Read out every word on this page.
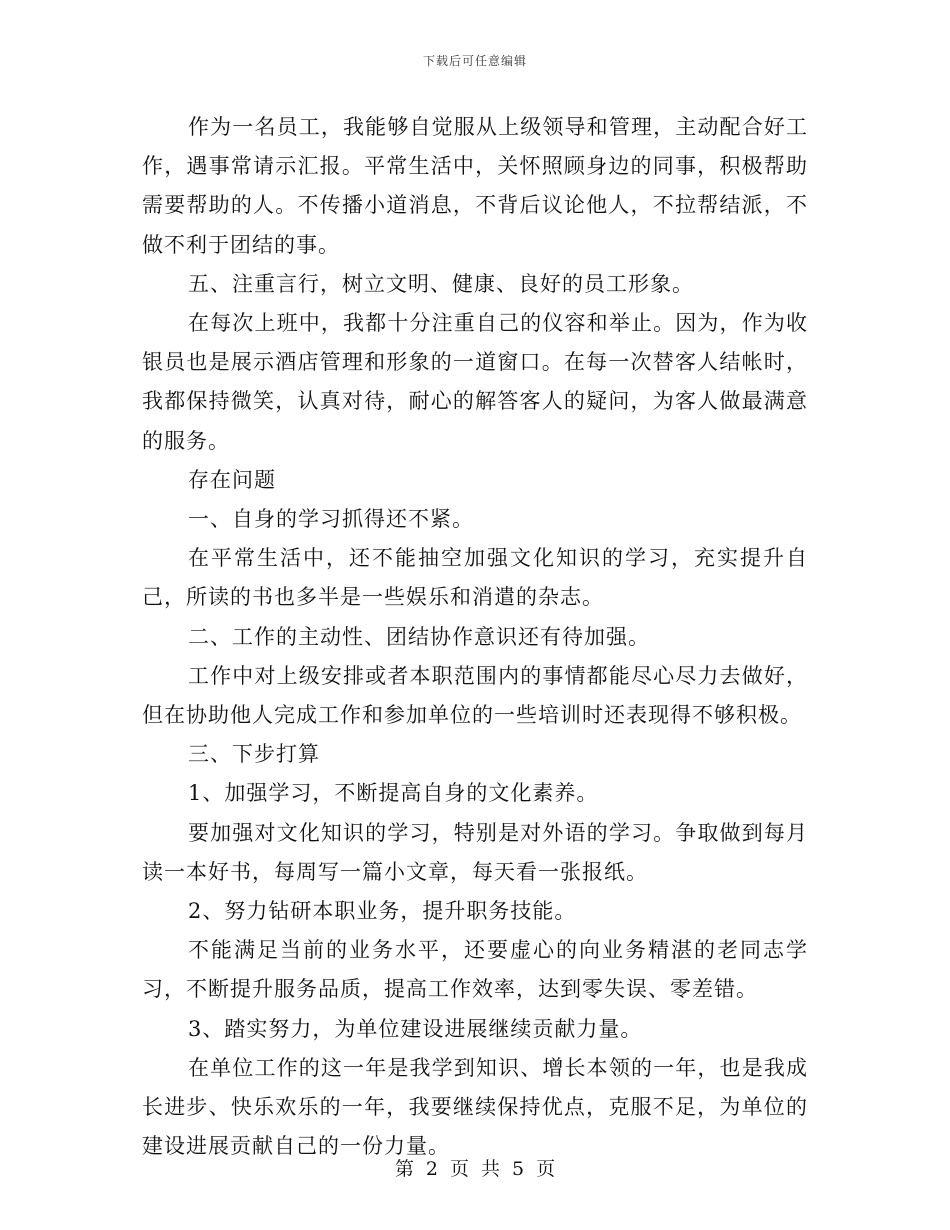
下载后可任意编辑

作为一名员工，我能够自觉服从上级领导和管理，主动配合好工作，遇事常请示汇报。平常生活中，关怀照顾身边的同事，积极帮助需要帮助的人。不传播小道消息，不背后议论他人，不拉帮结派，不做不利于团结的事。

五、注重言行，树立文明、健康、良好的员工形象。

在每次上班中，我都十分注重自己的仪容和举止。因为，作为收银员也是展示酒店管理和形象的一道窗口。在每一次替客人结帐时，我都保持微笑，认真对待，耐心的解答客人的疑问，为客人做最满意的服务。

存在问题

一、自身的学习抓得还不紧。

在平常生活中，还不能抽空加强文化知识的学习，充实提升自己，所读的书也多半是一些娱乐和消遣的杂志。

二、工作的主动性、团结协作意识还有待加强。

工作中对上级安排或者本职范围内的事情都能尽心尽力去做好，但在协助他人完成工作和参加单位的一些培训时还表现得不够积极。

三、下步打算

1、加强学习，不断提高自身的文化素养。

要加强对文化知识的学习，特别是对外语的学习。争取做到每月读一本好书，每周写一篇小文章，每天看一张报纸。

2、努力钻研本职业务，提升职务技能。

不能满足当前的业务水平，还要虚心的向业务精湛的老同志学习，不断提升服务品质，提高工作效率，达到零失误、零差错。

3、踏实努力，为单位建设进展继续贡献力量。

在单位工作的这一年是我学到知识、增长本领的一年，也是我成长进步、快乐欢乐的一年，我要继续保持优点，克服不足，为单位的建设进展贡献自己的一份力量。

第 2 页 共 5 页
